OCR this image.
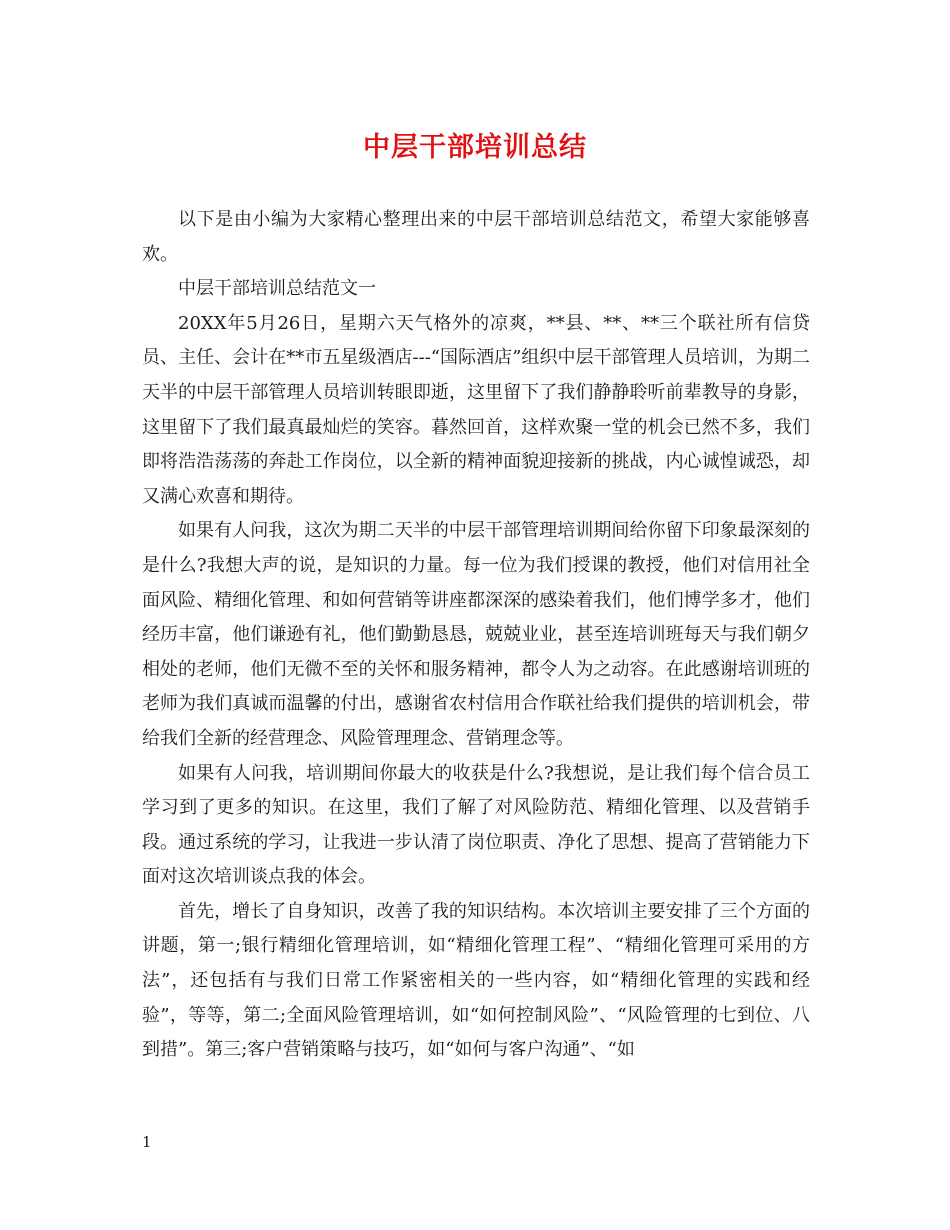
中层干部培训总结

以下是由小编为大家精心整理出来的中层干部培训总结范文，希望大家能够喜欢。

中层干部培训总结范文一

20XX年5月26日，星期六天气格外的凉爽，**县、**、**三个联社所有信贷员、主任、会计在**市五星级酒店---“国际酒店”组织中层干部管理人员培训，为期二天半的中层干部管理人员培训转眼即逝，这里留下了我们静静聆听前辈教导的身影，这里留下了我们最真最灿烂的笑容。暮然回首，这样欢聚一堂的机会已然不多，我们即将浩浩荡荡的奔赴工作岗位，以全新的精神面貌迎接新的挑战，内心诚惶诚恐，却又满心欢喜和期待。

如果有人问我，这次为期二天半的中层干部管理培训期间给你留下印象最深刻的是什么?我想大声的说，是知识的力量。每一位为我们授课的教授，他们对信用社全面风险、精细化管理、和如何营销等讲座都深深的感染着我们，他们博学多才，他们经历丰富，他们谦逊有礼，他们勤勤恳恳，兢兢业业，甚至连培训班每天与我们朝夕相处的老师，他们无微不至的关怀和服务精神，都令人为之动容。在此感谢培训班的老师为我们真诚而温馨的付出，感谢省农村信用合作联社给我们提供的培训机会，带给我们全新的经营理念、风险管理理念、营销理念等。

如果有人问我，培训期间你最大的收获是什么?我想说，是让我们每个信合员工学习到了更多的知识。在这里，我们了解了对风险防范、精细化管理、以及营销手段。通过系统的学习，让我进一步认清了岗位职责、净化了思想、提高了营销能力下面对这次培训谈点我的体会。

首先，增长了自身知识，改善了我的知识结构。本次培训主要安排了三个方面的讲题，第一;银行精细化管理培训，如“精细化管理工程”、“精细化管理可采用的方法”，还包括有与我们日常工作紧密相关的一些内容，如“精细化管理的实践和经验”，等等，第二;全面风险管理培训，如“如何控制风险”、“风险管理的七到位、八到措”。第三;客户营销策略与技巧，如“如何与客户沟通”、“如

1
